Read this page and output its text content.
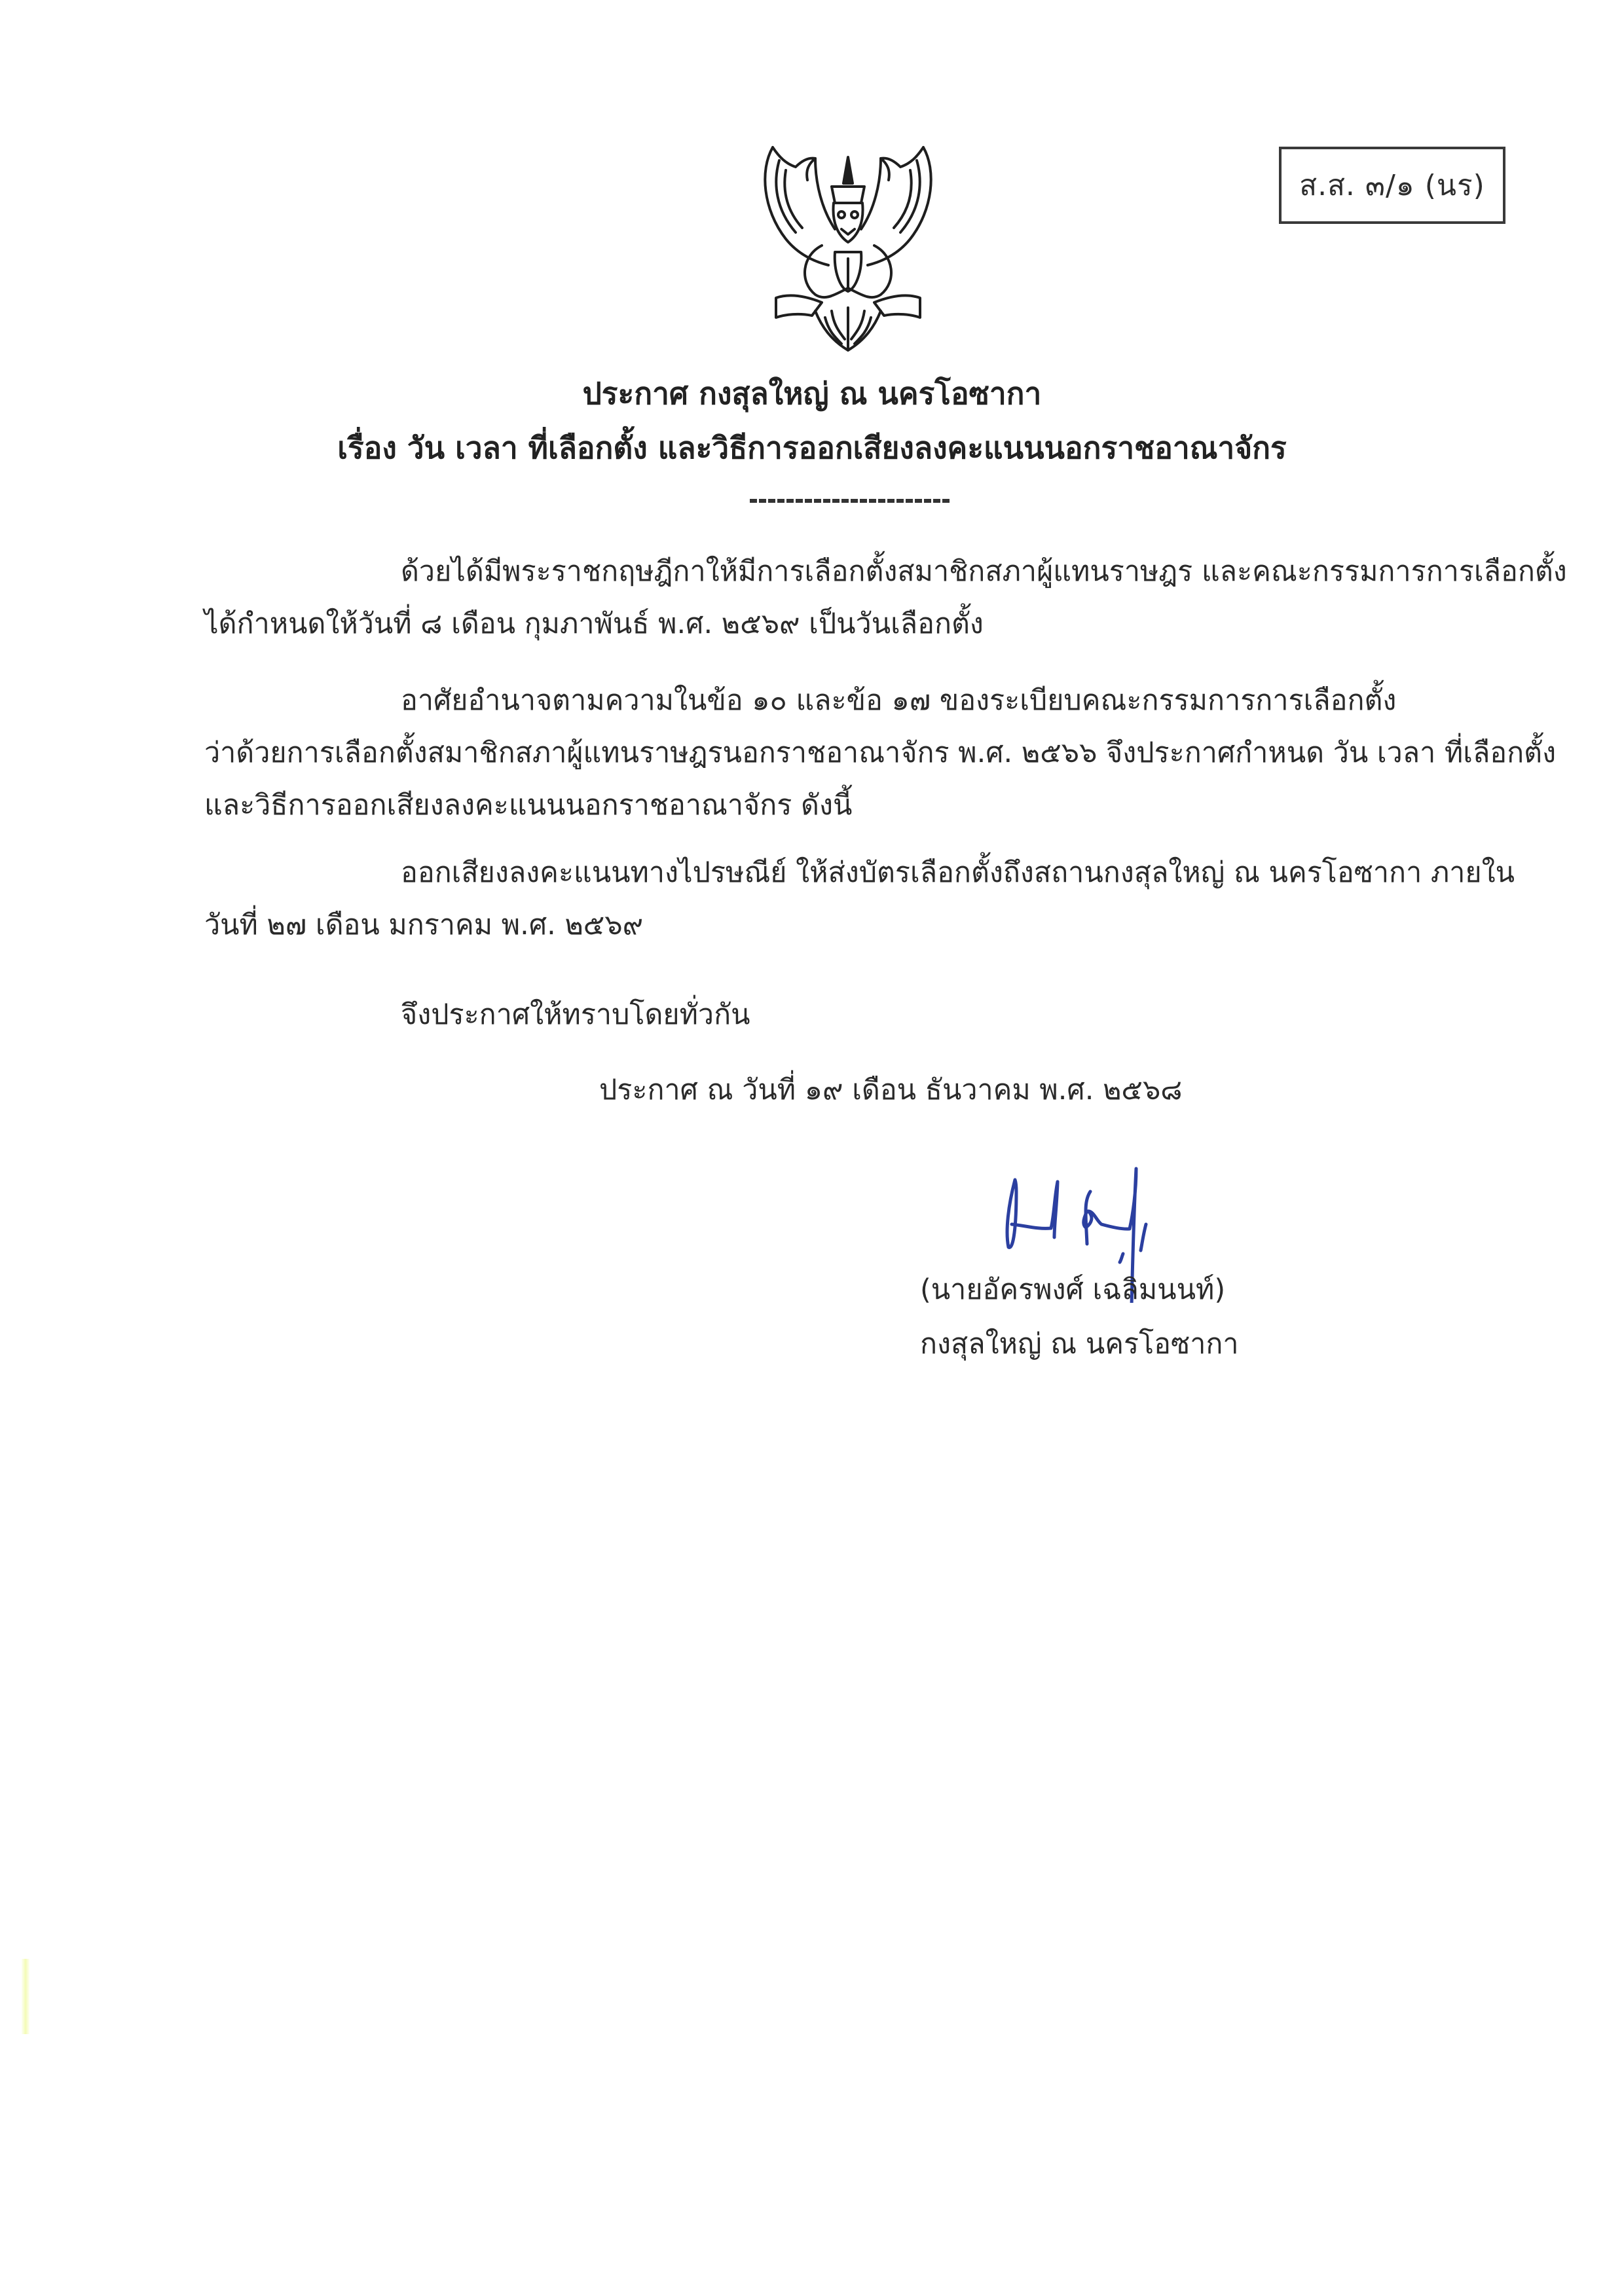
ส.ส. ๓/๑ (นร)
ประกาศ กงสุลใหญ่ ณ นครโอซากา
เรื่อง วัน เวลา ที่เลือกตั้ง และวิธีการออกเสียงลงคะแนนนอกราชอาณาจักร
ด้วยได้มีพระราชกฤษฎีกาให้มีการเลือกตั้งสมาชิกสภาผู้แทนราษฎร และคณะกรรมการการเลือกตั้ง
ได้กำหนดให้วันที่ ๘ เดือน กุมภาพันธ์ พ.ศ. ๒๕๖๙ เป็นวันเลือกตั้ง
อาศัยอำนาจตามความในข้อ ๑๐ และข้อ ๑๗ ของระเบียบคณะกรรมการการเลือกตั้ง
ว่าด้วยการเลือกตั้งสมาชิกสภาผู้แทนราษฎรนอกราชอาณาจักร พ.ศ. ๒๕๖๖ จึงประกาศกำหนด วัน เวลา ที่เลือกตั้ง
และวิธีการออกเสียงลงคะแนนนอกราชอาณาจักร ดังนี้
ออกเสียงลงคะแนนทางไปรษณีย์ ให้ส่งบัตรเลือกตั้งถึงสถานกงสุลใหญ่ ณ นครโอซากา ภายใน
วันที่ ๒๗ เดือน มกราคม พ.ศ. ๒๕๖๙
จึงประกาศให้ทราบโดยทั่วกัน
ประกาศ ณ วันที่ ๑๙ เดือน ธันวาคม พ.ศ. ๒๕๖๘
(นายอัครพงศ์ เฉลิมนนท์)
กงสุลใหญ่ ณ นครโอซากา
